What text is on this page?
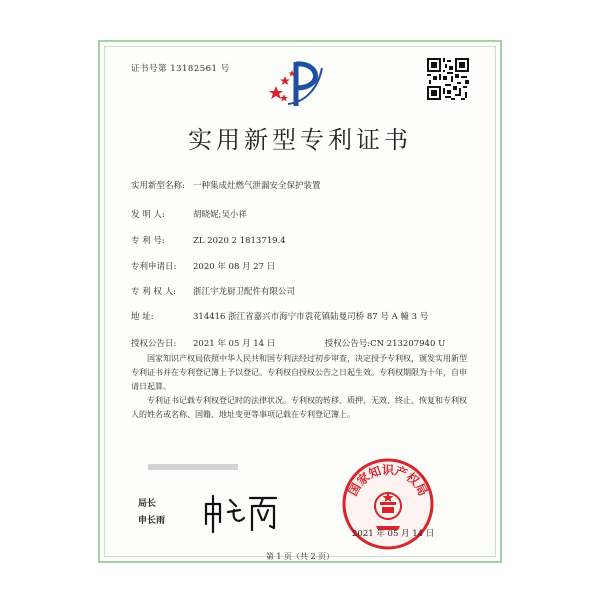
证书号第 13182561 号
实用新型专利证书
实用新型名称: 一种集成灶燃气泄漏安全保护装置
发 明 人:	胡晓妮;吴小祥
专 利 号:	ZL 2020 2 1813719.4
专利申请日: 2020 年 08 月 27 日
专 利 权 人: 浙江宇龙厨卫配件有限公司
地 址:	314416 浙江省嘉兴市海宁市袁花镇陆曼司桥 87 号 A 幢 3 号
授权公告日: 2021 年 05 月 14 日	授权公告号:CN 213207940 U
国家知识产权局依照中华人民共和国专利法经过初步审查，决定授予专利权，颁发实用新型专利证书并在专利登记簿上予以登记。专利权自授权公告之日起生效。专利权期限为十年，自申请日起算。
专利证书记载专利权登记时的法律状况。专利权的转移、质押、无效、终止、恢复和专利权人的姓名或名称、国籍、地址变更等事项记载在专利登记簿上。
局长
申长雨
国家知识产权局
2021 年 05 月 14 日
第 1 页（共 2 页）
